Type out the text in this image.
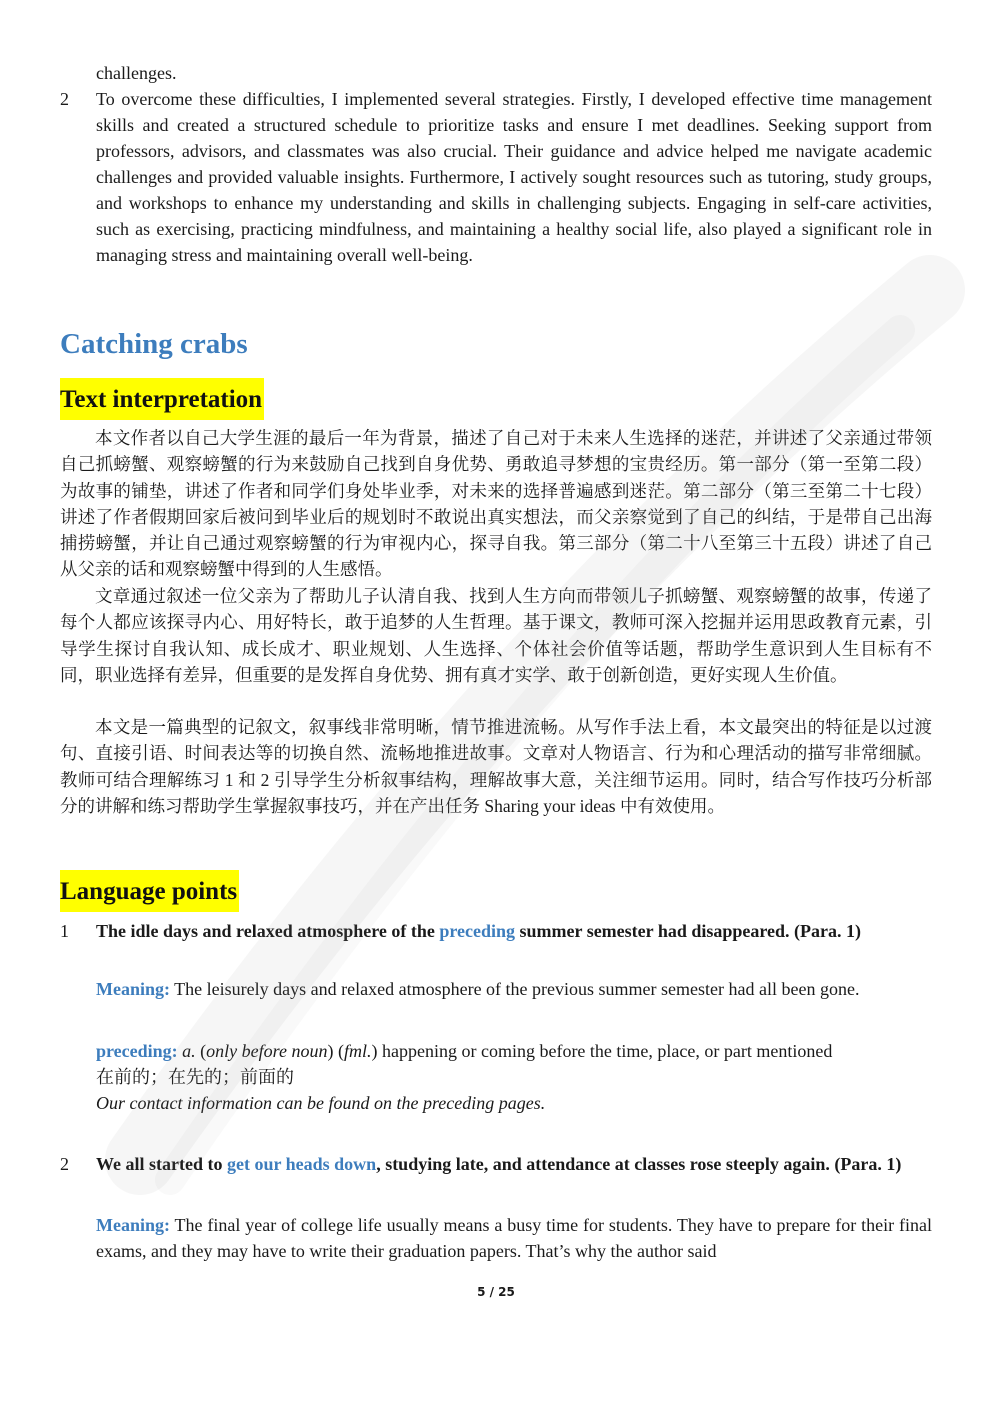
challenges.
2 To overcome these difficulties, I implemented several strategies. Firstly, I developed effective time management skills and created a structured schedule to prioritize tasks and ensure I met deadlines. Seeking support from professors, advisors, and classmates was also crucial. Their guidance and advice helped me navigate academic challenges and provided valuable insights. Furthermore, I actively sought resources such as tutoring, study groups, and workshops to enhance my understanding and skills in challenging subjects. Engaging in self-care activities, such as exercising, practicing mindfulness, and maintaining a healthy social life, also played a significant role in managing stress and maintaining overall well-being.
Catching crabs
Text interpretation
本文作者以自己大学生涯的最后一年为背景，描述了自己对于未来人生选择的迷茫，并讲述了父亲通过带领自己抓螃蟹、观察螃蟹的行为来鼓励自己找到自身优势、勇敢追寻梦想的宝贵经历。第一部分（第一至第二段）为故事的铺垫，讲述了作者和同学们身处毕业季，对未来的选择普遍感到迷茫。第二部分（第三至第二十七段）讲述了作者假期回家后被问到毕业后的规划时不敢说出真实想法，而父亲察觉到了自己的纠结，于是带自己出海捕捞螃蟹，并让自己通过观察螃蟹的行为审视内心，探寻自我。第三部分（第二十八至第三十五段）讲述了自己从父亲的话和观察螃蟹中得到的人生感悟。
文章通过叙述一位父亲为了帮助儿子认清自我、找到人生方向而带领儿子抓螃蟹、观察螃蟹的故事，传递了每个人都应该探寻内心、用好特长，敢于追梦的人生哲理。基于课文，教师可深入挖掘并运用思政教育元素，引导学生探讨自我认知、成长成才、职业规划、人生选择、个体社会价值等话题，帮助学生意识到人生目标有不同，职业选择有差异，但重要的是发挥自身优势、拥有真才实学、敢于创新创造，更好实现人生价值。
本文是一篇典型的记叙文，叙事线非常明晰，情节推进流畅。从写作手法上看，本文最突出的特征是以过渡句、直接引语、时间表达等的切换自然、流畅地推进故事。文章对人物语言、行为和心理活动的描写非常细腻。教师可结合理解练习 1 和 2 引导学生分析叙事结构，理解故事大意，关注细节运用。同时，结合写作技巧分析部分的讲解和练习帮助学生掌握叙事技巧，并在产出任务 Sharing your ideas 中有效使用。
Language points
1 The idle days and relaxed atmosphere of the preceding summer semester had disappeared. (Para. 1)
Meaning: The leisurely days and relaxed atmosphere of the previous summer semester had all been gone.
preceding: a. (only before noun) (fml.) happening or coming before the time, place, or part mentioned
在前的；在先的；前面的
Our contact information can be found on the preceding pages.
2 We all started to get our heads down, studying late, and attendance at classes rose steeply again. (Para. 1)
Meaning: The final year of college life usually means a busy time for students. They have to prepare for their final exams, and they may have to write their graduation papers. That’s why the author said
5 / 25
